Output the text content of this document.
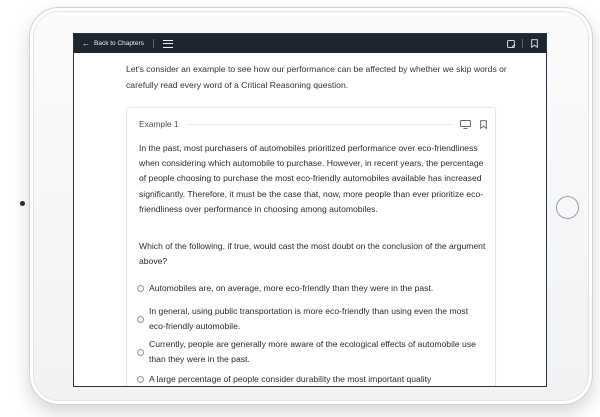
← Back to Chapters

Let's consider an example to see how our performance can be affected by whether we skip words or carefully read every word of a Critical Reasoning question.

Example 1

In the past, most purchasers of automobiles prioritized performance over eco-friendliness when considering which automobile to purchase. However, in recent years, the percentage of people choosing to purchase the most eco-friendly automobiles available has increased significantly. Therefore, it must be the case that, now, more people than ever prioritize eco-friendliness over performance in choosing among automobiles.

Which of the following, if true, would cast the most doubt on the conclusion of the argument above?

Automobiles are, on average, more eco-friendly than they were in the past.
In general, using public transportation is more eco-friendly than using even the most eco-friendly automobile.
Currently, people are generally more aware of the ecological effects of automobile use than they were in the past.
A large percentage of people consider durability the most important quality
